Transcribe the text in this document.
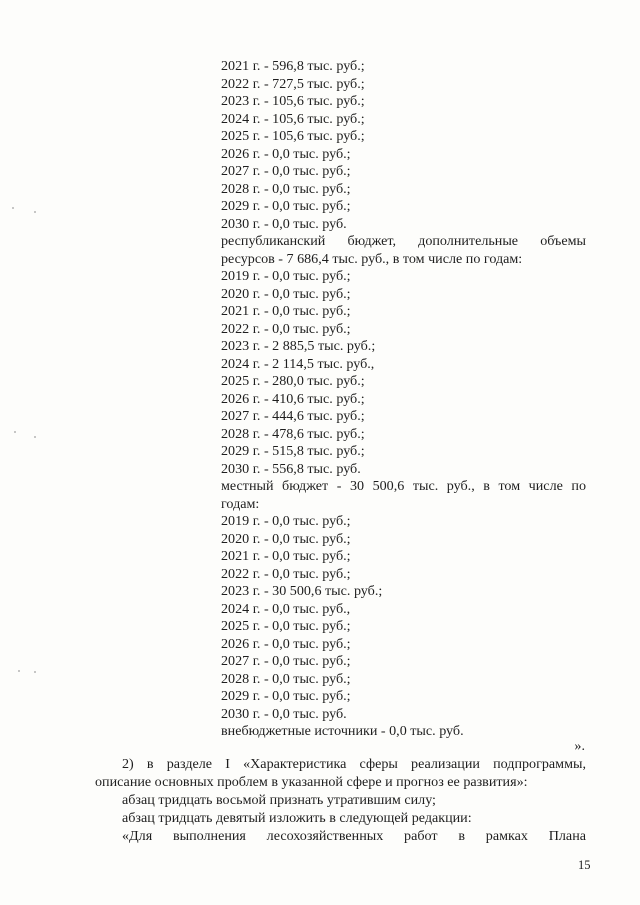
2021 г. - 596,8 тыс. руб.;
2022 г. - 727,5 тыс. руб.;
2023 г. - 105,6 тыс. руб.;
2024 г. - 105,6 тыс. руб.;
2025 г. - 105,6 тыс. руб.;
2026 г. - 0,0 тыс. руб.;
2027 г. - 0,0 тыс. руб.;
2028 г. - 0,0 тыс. руб.;
2029 г. - 0,0 тыс. руб.;
2030 г. - 0,0 тыс. руб.
республиканский бюджет, дополнительные объемы
ресурсов - 7 686,4 тыс. руб., в том числе по годам:
2019 г. - 0,0 тыс. руб.;
2020 г. - 0,0 тыс. руб.;
2021 г. - 0,0 тыс. руб.;
2022 г. - 0,0 тыс. руб.;
2023 г. - 2 885,5 тыс. руб.;
2024 г. - 2 114,5 тыс. руб.,
2025 г. - 280,0 тыс. руб.;
2026 г. - 410,6 тыс. руб.;
2027 г. - 444,6 тыс. руб.;
2028 г. - 478,6 тыс. руб.;
2029 г. - 515,8 тыс. руб.;
2030 г. - 556,8 тыс. руб.
местный бюджет - 30 500,6 тыс. руб., в том числе по
годам:
2019 г. - 0,0 тыс. руб.;
2020 г. - 0,0 тыс. руб.;
2021 г. - 0,0 тыс. руб.;
2022 г. - 0,0 тыс. руб.;
2023 г. - 30 500,6 тыс. руб.;
2024 г. - 0,0 тыс. руб.,
2025 г. - 0,0 тыс. руб.;
2026 г. - 0,0 тыс. руб.;
2027 г. - 0,0 тыс. руб.;
2028 г. - 0,0 тыс. руб.;
2029 г. - 0,0 тыс. руб.;
2030 г. - 0,0 тыс. руб.
внебюджетные источники - 0,0 тыс. руб.
».
2) в разделе I «Характеристика сферы реализации подпрограммы,
описание основных проблем в указанной сфере и прогноз ее развития»:
абзац тридцать восьмой признать утратившим силу;
абзац тридцать девятый изложить в следующей редакции:
«Для выполнения лесохозяйственных работ в рамках Плана
15
